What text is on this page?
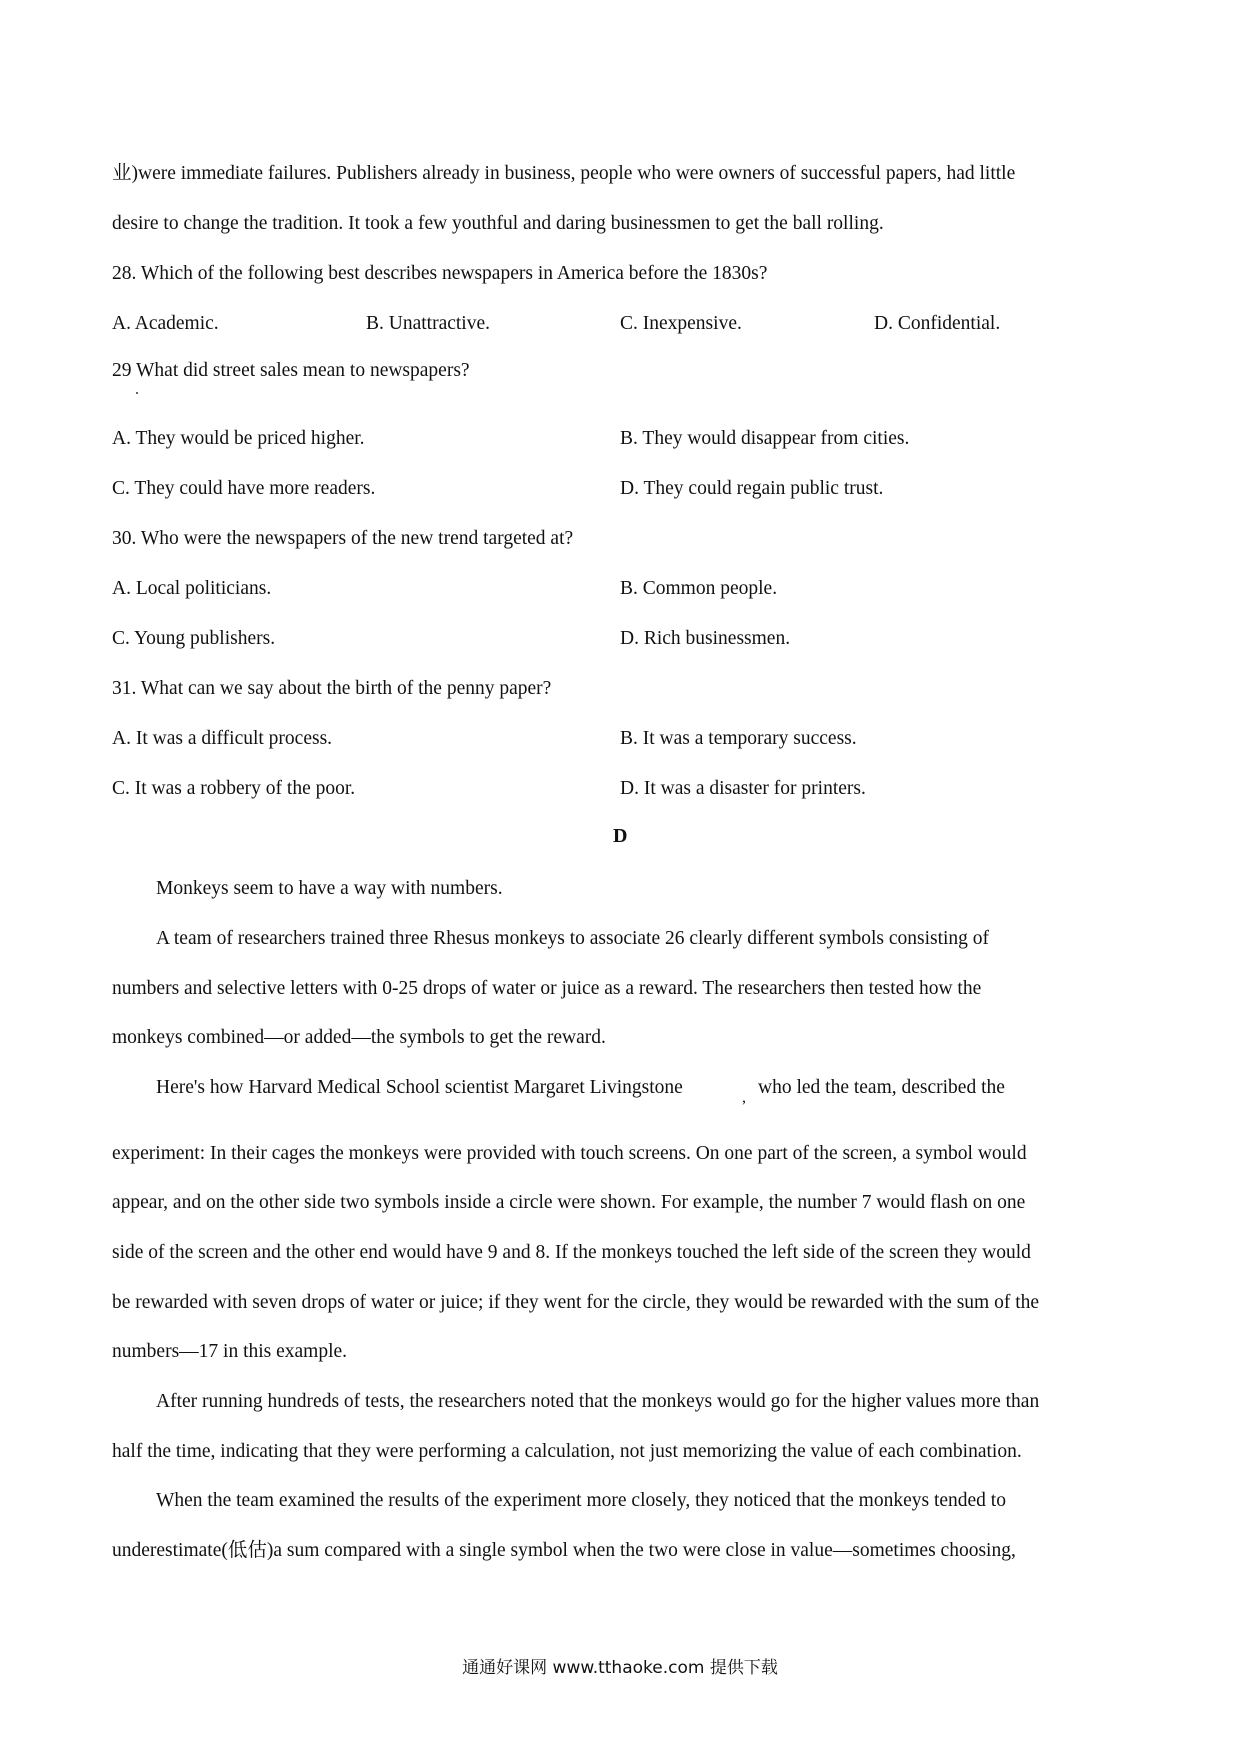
业)were immediate failures. Publishers already in business, people who were owners of successful papers, had little
desire to change the tradition. It took a few youthful and daring businessmen to get the ball rolling.
28. Which of the following best describes newspapers in America before the 1830s?
A. Academic.	B. Unattractive.	C. Inexpensive.	D. Confidential.
29 What did street sales mean to newspapers?
A. They would be priced higher.	B. They would disappear from cities.
C. They could have more readers.	D. They could regain public trust.
30. Who were the newspapers of the new trend targeted at?
A. Local politicians.	B. Common people.
C. Young publishers.	D. Rich businessmen.
31. What can we say about the birth of the penny paper?
A. It was a difficult process.	B. It was a temporary success.
C. It was a robbery of the poor.	D. It was a disaster for printers.
D
Monkeys seem to have a way with numbers.
A team of researchers trained three Rhesus monkeys to associate 26 clearly different symbols consisting of
numbers and selective letters with 0-25 drops of water or juice as a reward. The researchers then tested how the
monkeys combined—or added—the symbols to get the reward.
Here's how Harvard Medical School scientist Margaret Livingstone	, who led the team, described the
experiment: In their cages the monkeys were provided with touch screens. On one part of the screen, a symbol would
appear, and on the other side two symbols inside a circle were shown. For example, the number 7 would flash on one
side of the screen and the other end would have 9 and 8. If the monkeys touched the left side of the screen they would
be rewarded with seven drops of water or juice; if they went for the circle, they would be rewarded with the sum of the
numbers—17 in this example.
After running hundreds of tests, the researchers noted that the monkeys would go for the higher values more than
half the time, indicating that they were performing a calculation, not just memorizing the value of each combination.
When the team examined the results of the experiment more closely, they noticed that the monkeys tended to
underestimate(低估)a sum compared with a single symbol when the two were close in value—sometimes choosing,
通通好课网 www.tthaoke.com 提供下载
